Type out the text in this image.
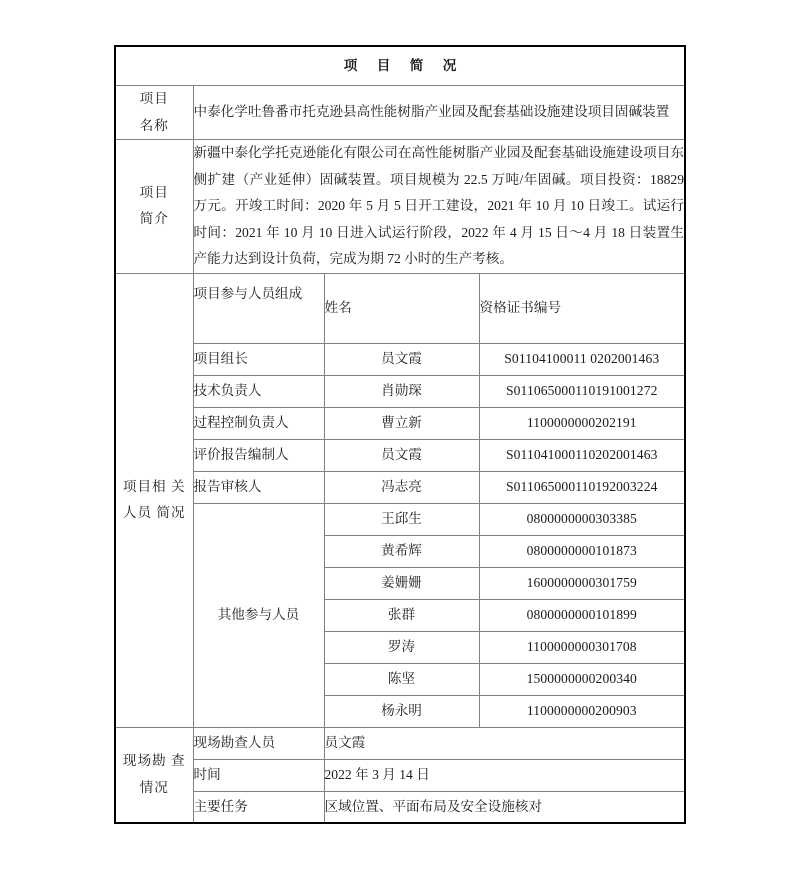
项 目 简 况			

项目
名称	中泰化学吐鲁番市托克逊县高性能树脂产业园及配套基础设施建设项目固碱装置		

项目
简介	新疆中泰化学托克逊能化有限公司在高性能树脂产业园及配套基础设施建设项目东侧扩建（产业延伸）固碱装置。项目规模为 22.5 万吨/年固碱。项目投资：18829 万元。开竣工时间：2020 年 5 月 5 日开工建设，2021 年 10 月 10 日竣工。试运行时间：2021 年 10 月 10 日进入试运行阶段，2022 年 4 月 15 日～4 月 18 日装置生产能力达到设计负荷，完成为期 72 小时的生产考核。		
项目相 关人员 简况	项目参与人员组成	姓名	资格证书编号
	项目组长	员文霞	S01104100011 0202001463
	技术负责人	肖勋琛	S011065000110191001272
	过程控制负责人	曹立新	1100000000202191
	评价报告编制人	员文霞	S011041000110202001463
	报告审核人	冯志亮	S011065000110192003224
	其他参与人员	王邱生	0800000000303385
		黄希辉	0800000000101873
		姜姗姗	1600000000301759
		张群	0800000000101899
		罗涛	1100000000301708
		陈坚	1500000000200340
		杨永明	1100000000200903
现场勘 查情况	现场勘查人员	员文霞	
	时间	2022 年 3 月 14 日	
	主要任务	区域位置、平面布局及安全设施核对	
